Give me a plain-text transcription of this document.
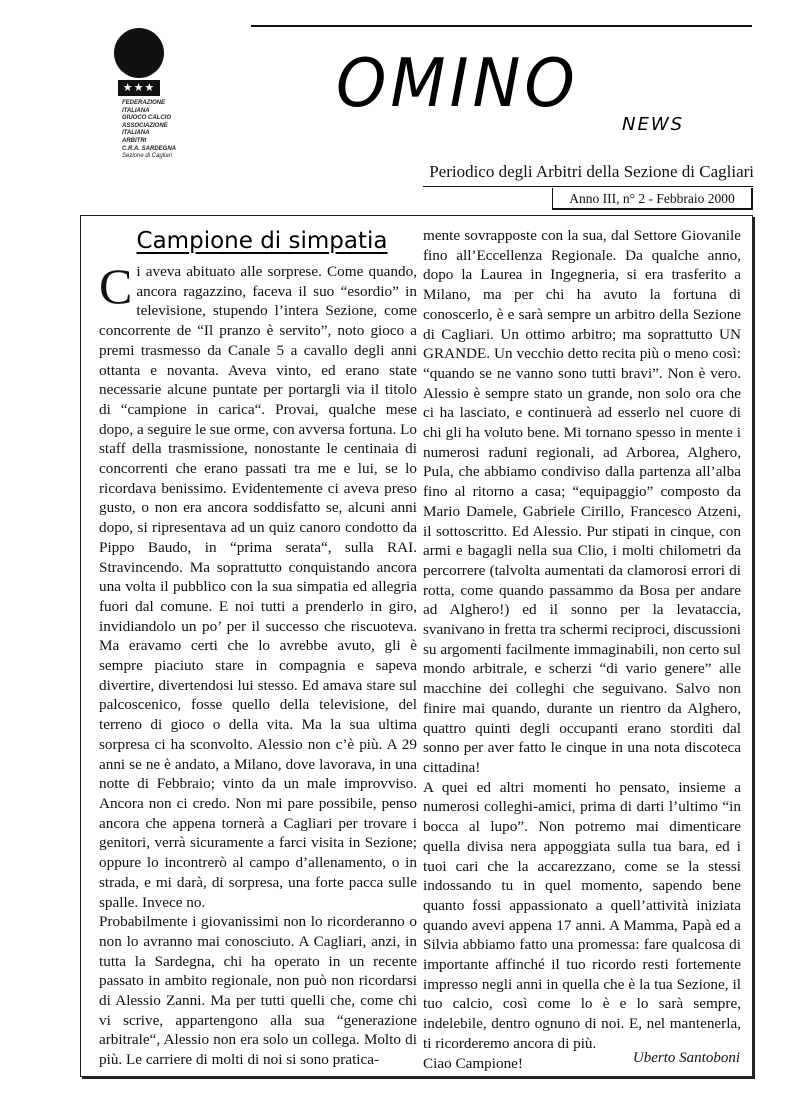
★★★
FEDERAZIONE
ITALIANA
GIUOCO CALCIO
ASSOCIAZIONE
ITALIANA
ARBITRI
C.R.A. SARDEGNA
Sezione di Cagliari
OMINO
NEWS
Periodico degli Arbitri della Sezione di Cagliari
Anno III, n° 2 - Febbraio 2000
Campione di simpatia

Ci aveva abituato alle sorprese. Come quando, ancora ragazzino, faceva il suo “esordio” in televisione, stupendo l’intera Sezione, come concorrente de “Il pranzo è servito”, noto gioco a premi trasmesso da Canale 5 a cavallo degli anni ottanta e novanta. Aveva vinto, ed erano state necessarie alcune puntate per portargli via il titolo di “campione in carica“. Provai, qualche mese dopo, a seguire le sue orme, con avversa fortuna. Lo staff della trasmissione, nonostante le centinaia di concorrenti che erano passati tra me e lui, se lo ricordava benissimo. Evidentemente ci aveva preso gusto, o non era ancora soddisfatto se, alcuni anni dopo, si ripresentava ad un quiz canoro condotto da Pippo Baudo, in “prima serata“, sulla RAI. Stravincendo. Ma soprattutto conquistando ancora una volta il pubblico con la sua simpatia ed allegria fuori dal comune. E noi tutti a prenderlo in giro, invidiandolo un po’ per il successo che riscuoteva. Ma eravamo certi che lo avrebbe avuto, gli è sempre piaciuto stare in compagnia e sapeva divertire, divertendosi lui stesso. Ed amava stare sul palcoscenico, fosse quello della televisione, del terreno di gioco o della vita. Ma la sua ultima sorpresa ci ha sconvolto. Alessio non c’è più. A 29 anni se ne è andato, a Milano, dove lavorava, in una notte di Febbraio; vinto da un male improvviso. Ancora non ci credo. Non mi pare possibile, penso ancora che appena tornerà a Cagliari per trovare i genitori, verrà sicuramente a farci visita in Sezione; oppure lo incontrerò al campo d’allenamento, o in strada, e mi darà, di sorpresa, una forte pacca sulle spalle. Invece no.

Probabilmente i giovanissimi non lo ricorderanno o non lo avranno mai conosciuto. A Cagliari, anzi, in tutta la Sardegna, chi ha operato in un recente passato in ambito regionale, non può non ricordarsi di Alessio Zanni. Ma per tutti quelli che, come chi vi scrive, appartengono alla sua “generazione arbitrale“, Alessio non era solo un collega. Molto di più. Le carriere di molti di noi si sono pratica-

mente sovrapposte con la sua, dal Settore Giovanile fino all’Eccellenza Regionale. Da qualche anno, dopo la Laurea in Ingegneria, si era trasferito a Milano, ma per chi ha avuto la fortuna di conoscerlo, è e sarà sempre un arbitro della Sezione di Cagliari. Un ottimo arbitro; ma soprattutto UN GRANDE. Un vecchio detto recita più o meno così: “quando se ne vanno sono tutti bravi”. Non è vero. Alessio è sempre stato un grande, non solo ora che ci ha lasciato, e continuerà ad esserlo nel cuore di chi gli ha voluto bene. Mi tornano spesso in mente i numerosi raduni regionali, ad Arborea, Alghero, Pula, che abbiamo condiviso dalla partenza all’alba fino al ritorno a casa; “equipaggio” composto da Mario Damele, Gabriele Cirillo, Francesco Atzeni, il sottoscritto. Ed Alessio. Pur stipati in cinque, con armi e bagagli nella sua Clio, i molti chilometri da percorrere (talvolta aumentati da clamorosi errori di rotta, come quando passammo da Bosa per andare ad Alghero!) ed il sonno per la levataccia, svanivano in fretta tra schermi reciproci, discussioni su argomenti facilmente immaginabili, non certo sul mondo arbitrale, e scherzi “di vario genere” alle macchine dei colleghi che seguivano. Salvo non finire mai quando, durante un rientro da Alghero, quattro quinti degli occupanti erano storditi dal sonno per aver fatto le cinque in una nota discoteca cittadina!

A quei ed altri momenti ho pensato, insieme a numerosi colleghi-amici, prima di darti l’ultimo “in bocca al lupo”. Non potremo mai dimenticare quella divisa nera appoggiata sulla tua bara, ed i tuoi cari che la accarezzano, come se la stessi indossando tu in quel momento, sapendo bene quanto fossi appassionato a quell’attività iniziata quando avevi appena 17 anni. A Mamma, Papà ed a Silvia abbiamo fatto una promessa: fare qualcosa di importante affinché il tuo ricordo resti fortemente impresso negli anni in quella che è la tua Sezione, il tuo calcio, così come lo è e lo sarà sempre, indelebile, dentro ognuno di noi. E, nel mantenerla, ti ricorderemo ancora di più.

Ciao Campione!	Uberto Santoboni
